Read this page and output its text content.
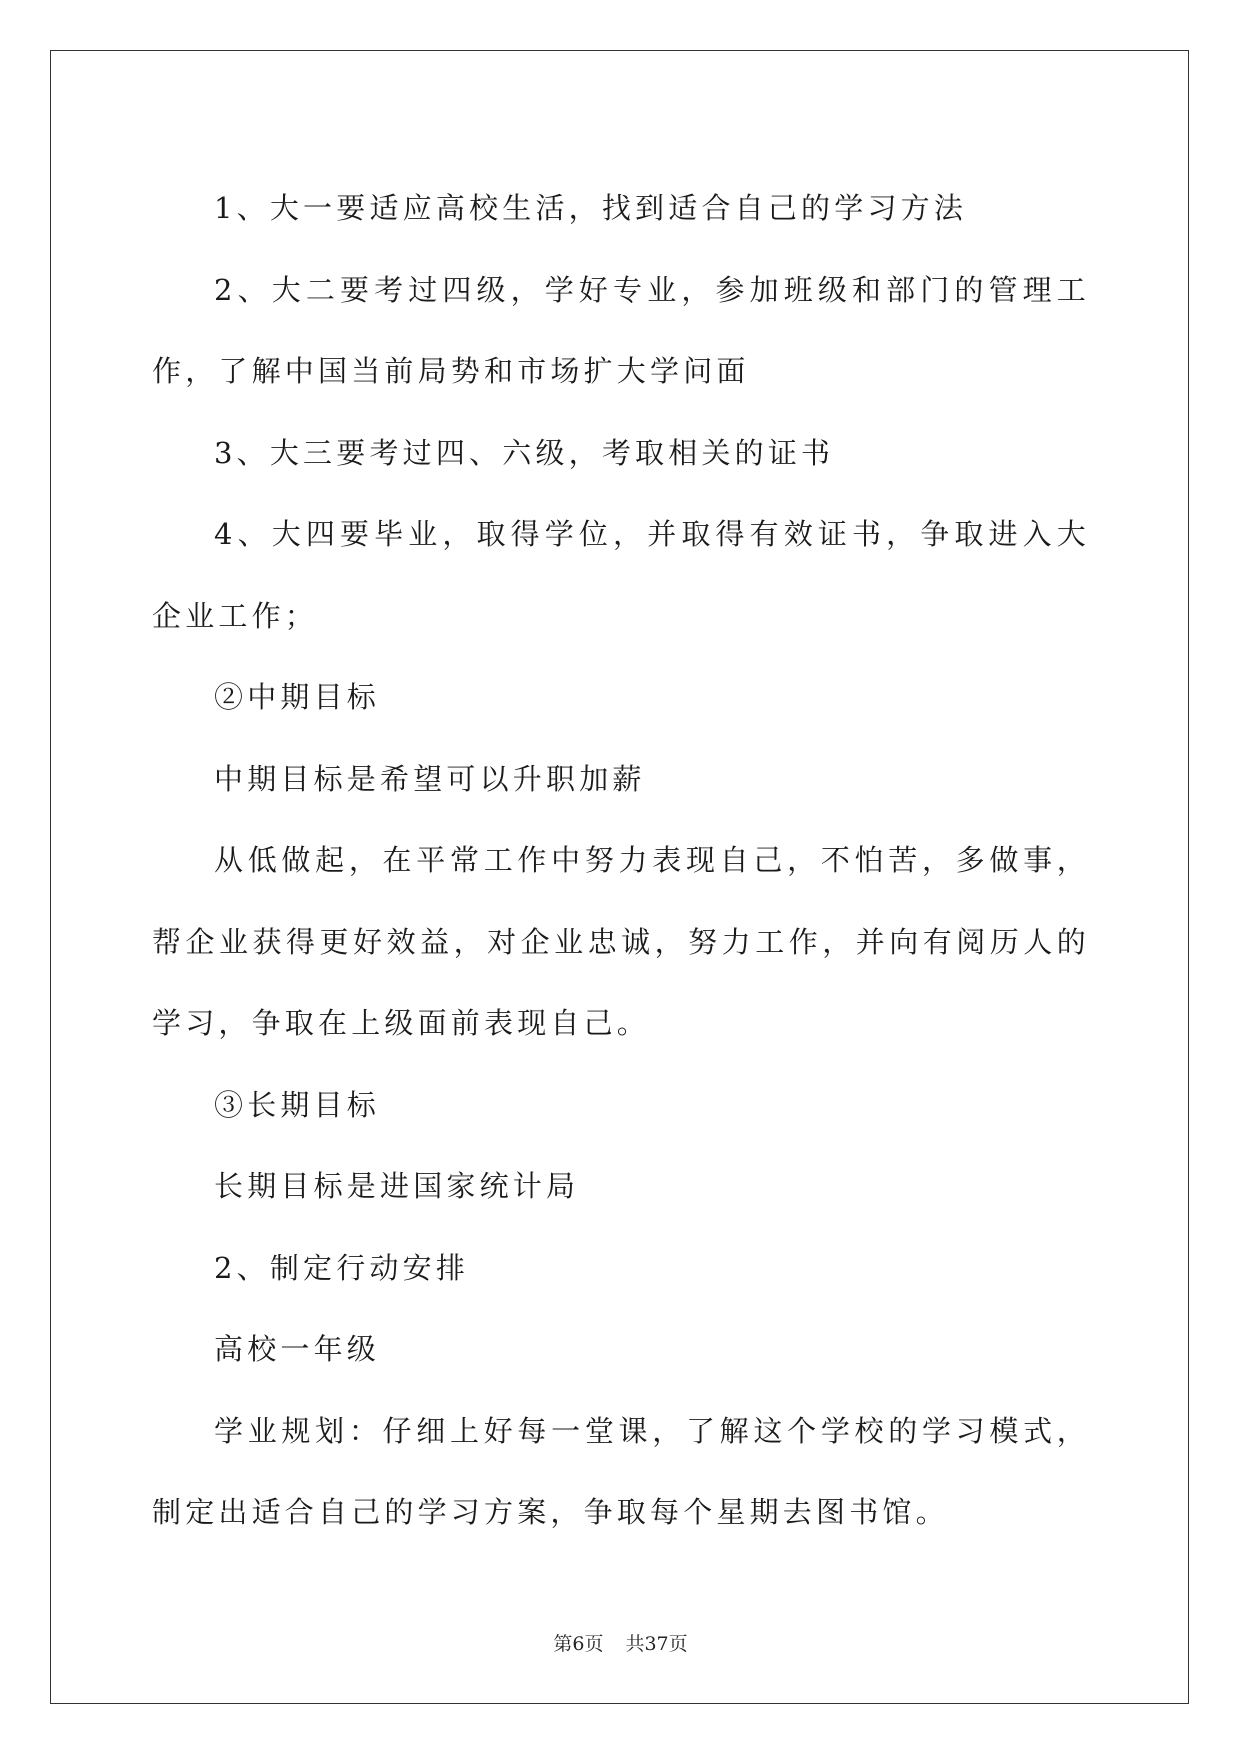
1、大一要适应高校生活，找到适合自己的学习方法

2、大二要考过四级，学好专业，参加班级和部门的管理工作，了解中国当前局势和市场扩大学问面

3、大三要考过四、六级，考取相关的证书

4、大四要毕业，取得学位，并取得有效证书，争取进入大企业工作；

②中期目标

中期目标是希望可以升职加薪

从低做起，在平常工作中努力表现自己，不怕苦，多做事，帮企业获得更好效益，对企业忠诚，努力工作，并向有阅历人的学习，争取在上级面前表现自己。

③长期目标

长期目标是进国家统计局

2、制定行动安排

高校一年级

学业规划：仔细上好每一堂课，了解这个学校的学习模式，制定出适合自己的学习方案，争取每个星期去图书馆。

第6页 共37页
